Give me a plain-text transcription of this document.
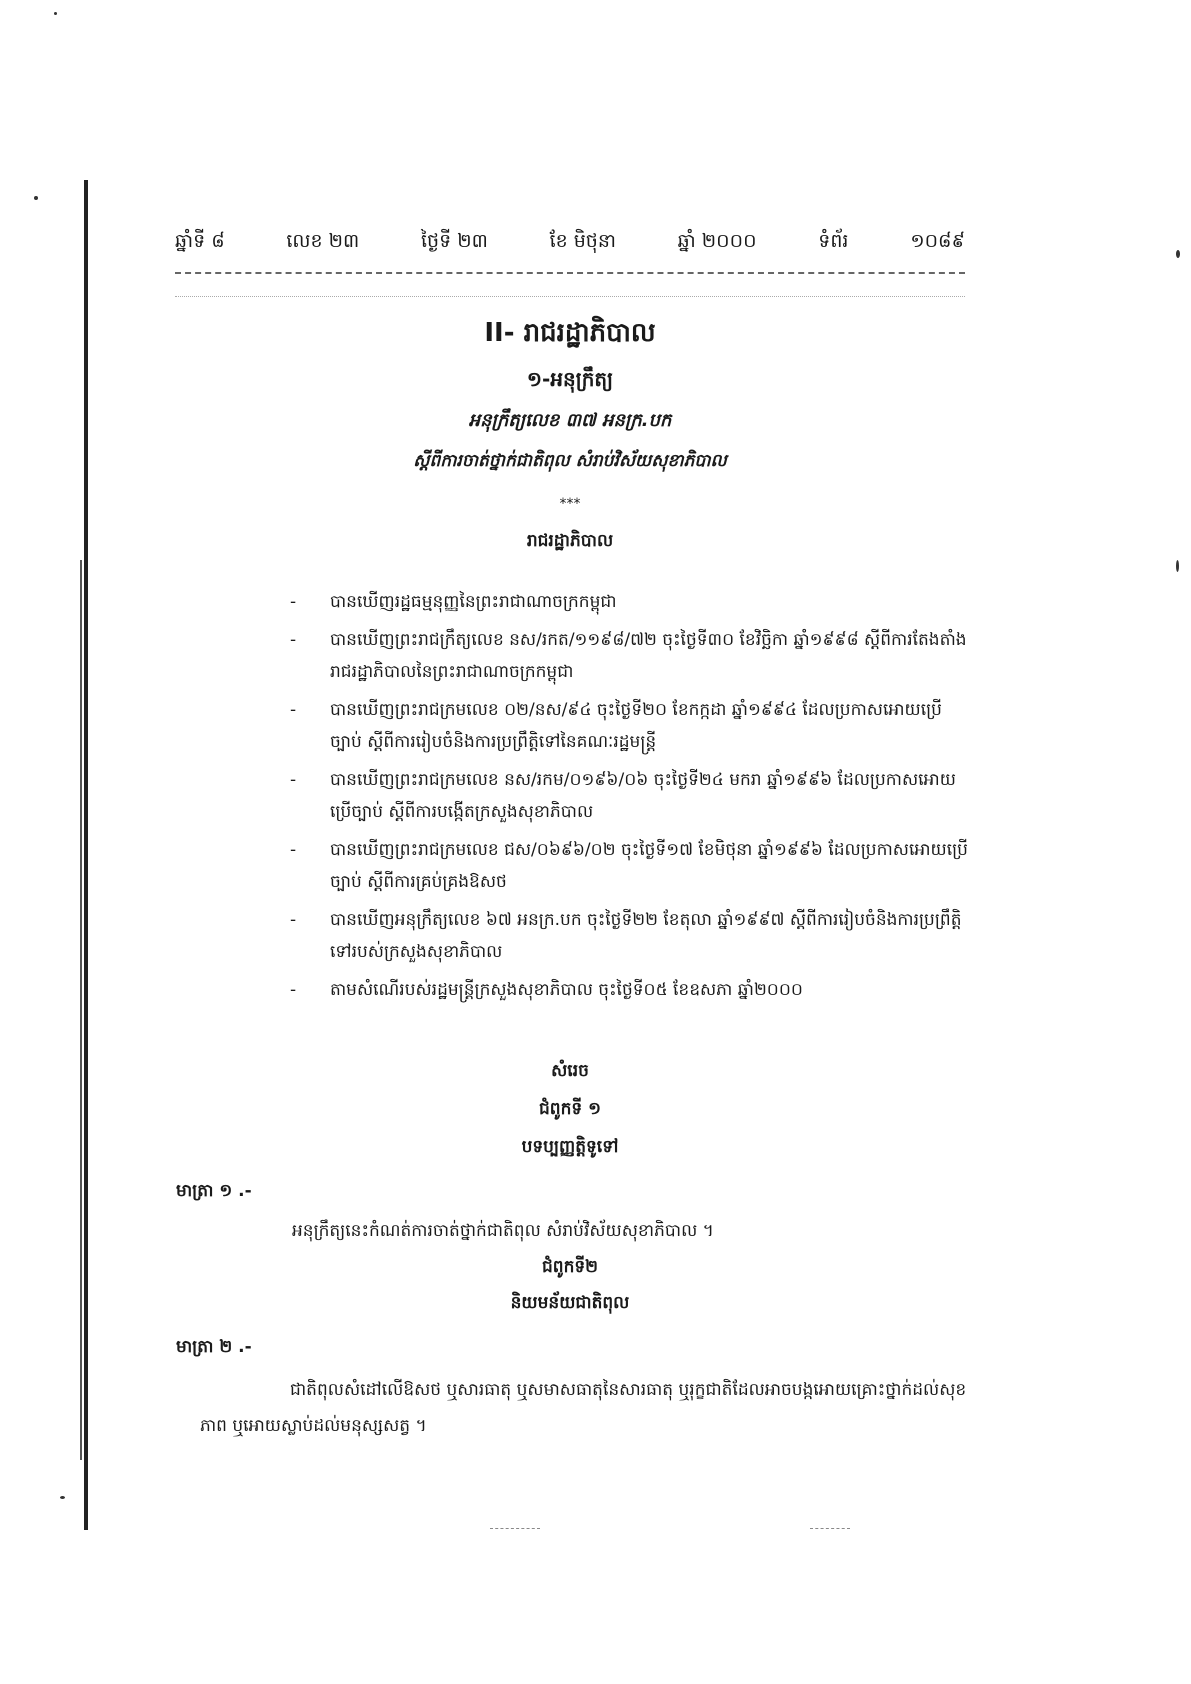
ឆ្នាំទី ៨	លេខ ២៣	ថ្ងៃទី ២៣	ខែ មិថុនា	ឆ្នាំ ២០០០	ទំព័រ	១០៨៩
II- រាជរដ្ឋាភិបាល
១-អនុក្រឹត្យ
អនុក្រឹត្យលេខ ៣៧ អនក្រ.បក
ស្តីពីការចាត់ថ្នាក់ជាតិពុល សំរាប់វិស័យសុខាភិបាល
***
រាជរដ្ឋាភិបាល
- បានឃើញរដ្ឋធម្មនុញ្ញនៃព្រះរាជាណាចក្រកម្ពុជា
- បានឃើញព្រះរាជក្រឹត្យលេខ នស/រកត/១១៩៨/៧២ ចុះថ្ងៃទី៣០ ខែវិច្ឆិកា ឆ្នាំ១៩៩៨ ស្តីពីការតែងតាំងរាជរដ្ឋាភិបាលនៃព្រះរាជាណាចក្រកម្ពុជា
- បានឃើញព្រះរាជក្រមលេខ ០២/នស/៩៤ ចុះថ្ងៃទី២០ ខែកក្កដា ឆ្នាំ១៩៩៤ ដែលប្រកាសអោយប្រើច្បាប់ ស្តីពីការរៀបចំនិងការប្រព្រឹត្តិទៅនៃគណៈរដ្ឋមន្ត្រី
- បានឃើញព្រះរាជក្រមលេខ នស/រកម/០១៩៦/០៦ ចុះថ្ងៃទី២៤ មករា ឆ្នាំ១៩៩៦ ដែលប្រកាសអោយប្រើច្បាប់ ស្តីពីការបង្កើតក្រសួងសុខាភិបាល
- បានឃើញព្រះរាជក្រមលេខ ជស/០៦៩៦/០២ ចុះថ្ងៃទី១៧ ខែមិថុនា ឆ្នាំ១៩៩៦ ដែលប្រកាសអោយប្រើច្បាប់ ស្តីពីការគ្រប់គ្រងឱសថ
- បានឃើញអនុក្រឹត្យលេខ ៦៧ អនក្រ.បក ចុះថ្ងៃទី២២ ខែតុលា ឆ្នាំ១៩៩៧ ស្តីពីការរៀបចំនិងការប្រព្រឹត្តិទៅរបស់ក្រសួងសុខាភិបាល
- តាមសំណើរបស់រដ្ឋមន្ត្រីក្រសួងសុខាភិបាល ចុះថ្ងៃទី០៥ ខែឧសភា ឆ្នាំ២០០០
សំរេច
ជំពូកទី ១
បទប្បញ្ញត្តិទូទៅ
មាត្រា ១ .-
អនុក្រឹត្យនេះកំណត់ការចាត់ថ្នាក់ជាតិពុល សំរាប់វិស័យសុខាភិបាល ។
ជំពូកទី២
និយមន័យជាតិពុល
មាត្រា ២ .-
ជាតិពុលសំដៅលើឱសថ ឬសារធាតុ ឬសមាសធាតុនៃសារធាតុ ឬរុក្ខជាតិដែលអាចបង្កអោយគ្រោះថ្នាក់ដល់សុខភាព ឬអោយស្លាប់ដល់មនុស្សសត្វ ។
